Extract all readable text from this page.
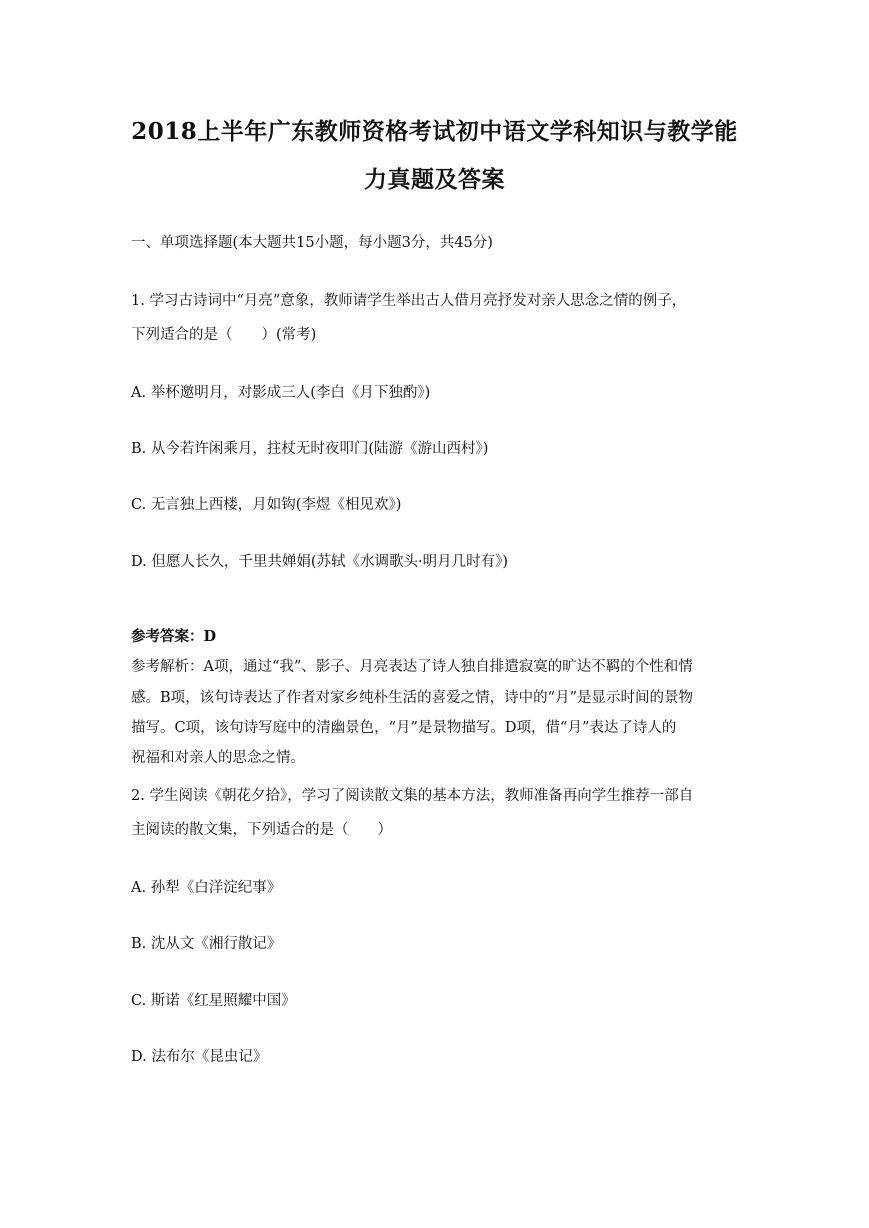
2018上半年广东教师资格考试初中语文学科知识与教学能
力真题及答案
一、单项选择题(本大题共15小题，每小题3分，共45分)
1. 学习古诗词中“月亮”意象，教师请学生举出古人借月亮抒发对亲人思念之情的例子，
下列适合的是（　　）(常考)
A. 举杯邀明月，对影成三人(李白《月下独酌》)
B. 从今若许闲乘月，拄杖无时夜叩门(陆游《游山西村》)
C. 无言独上西楼，月如钩(李煜《相见欢》)
D. 但愿人长久，千里共婵娟(苏轼《水调歌头·明月几时有》)
参考答案：D
参考解析：A项，通过“我”、影子、月亮表达了诗人独自排遣寂寞的旷达不羁的个性和情
感。B项，该句诗表达了作者对家乡纯朴生活的喜爱之情，诗中的“月”是显示时间的景物
描写。C项，该句诗写庭中的清幽景色，“月”是景物描写。D项，借“月”表达了诗人的
祝福和对亲人的思念之情。
2. 学生阅读《朝花夕拾》，学习了阅读散文集的基本方法，教师准备再向学生推荐一部自
主阅读的散文集，下列适合的是（　　）
A. 孙犁《白洋淀纪事》
B. 沈从文《湘行散记》
C. 斯诺《红星照耀中国》
D. 法布尔《昆虫记》
